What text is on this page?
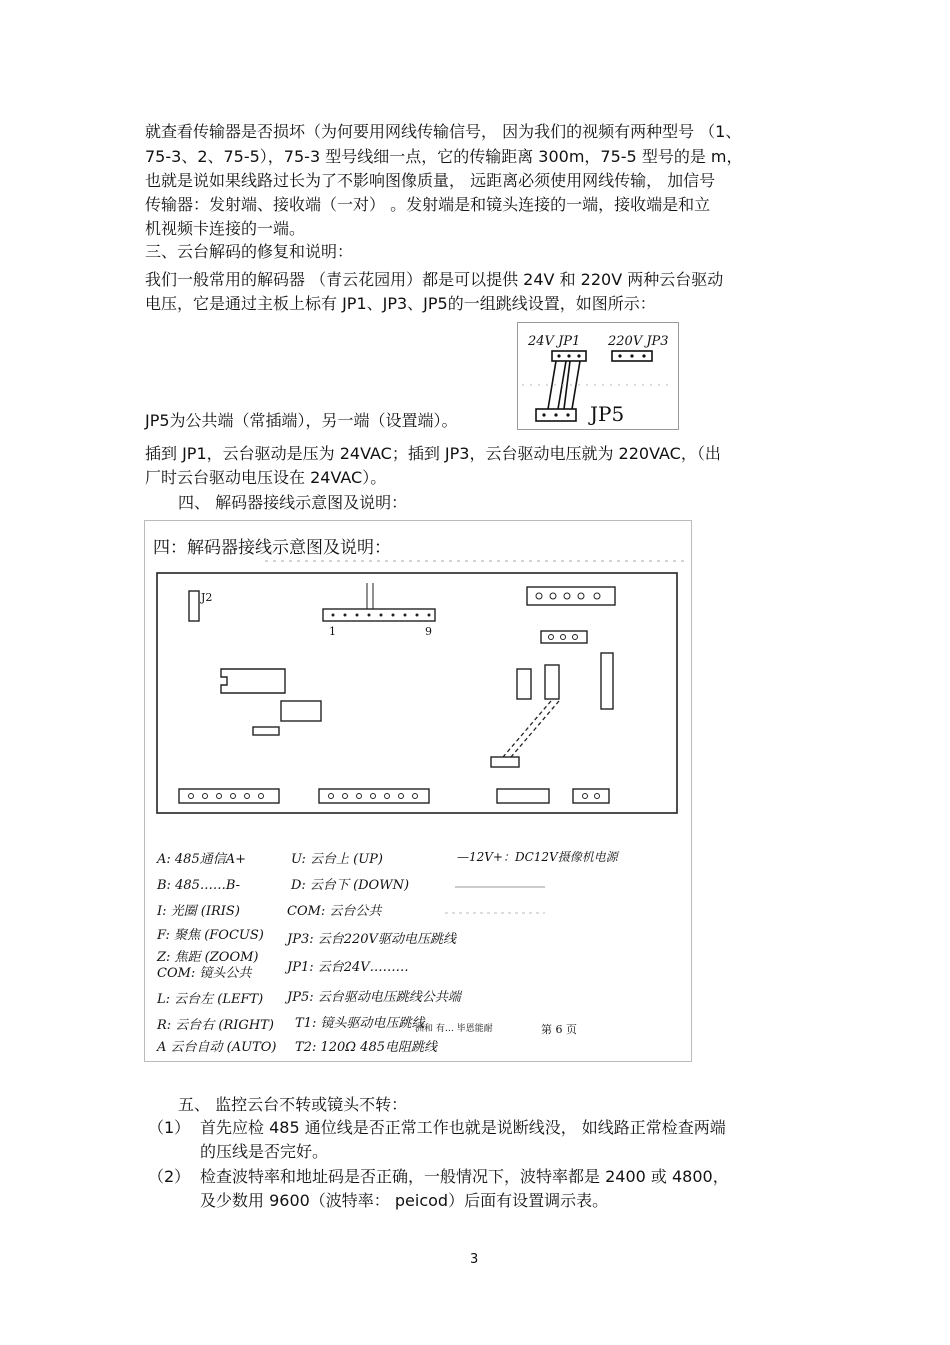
就查看传输器是否损坏（为何要用网线传输信号， 因为我们的视频有两种型号 （1、
75-3、2、75-5），75-3 型号线细一点，它的传输距离 300m，75-5 型号的是 m，
也就是说如果线路过长为了不影响图像质量， 远距离必须使用网线传输， 加信号
传输器：发射端、接收端（一对） 。发射端是和镜头连接的一端，接收端是和立
机视频卡连接的一端。
三、云台解码的修复和说明：
我们一般常用的解码器 （青云花园用）都是可以提供 24V 和 220V 两种云台驱动
电压，它是通过主板上标有 JP1、JP3、JP5的一组跳线设置，如图所示：
24V JP1 220V JP3
JP5
JP5为公共端（常插端），另一端（设置端）。
插到 JP1，云台驱动是压为 24VAC；插到 JP3，云台驱动电压就为 220VAC，（出
厂时云台驱动电压设在 24VAC）。
四、 解码器接线示意图及说明：
四：解码器接线示意图及说明：
J2
1	9
A: 485通信A+
B: 485……B-
I: 光圈 (IRIS)
F: 聚焦 (FOCUS)
Z: 焦距 (ZOOM)
COM: 镜头公共
L: 云台左 (LEFT)
R: 云台右 (RIGHT)
A 云台自动 (AUTO)
U: 云台上 (UP)
D: 云台下 (DOWN)
COM: 云台公共
JP3: 云台220V驱动电压跳线
JP1: 云台24V………
JP5: 云台驱动电压跳线公共端
T1: 镜头驱动电压跳线
T2: 120Ω 485电阻跳线
—12V+：DC12V摄像机电源
洲和 有… 毕恩能耐	第 6 页
五、 监控云台不转或镜头不转：
（1） 首先应检 485 通位线是否正常工作也就是说断线没， 如线路正常检查两端
的压线是否完好。
（2） 检查波特率和地址码是否正确，一般情况下，波特率都是 2400 或 4800，
及少数用 9600（波特率： peicod）后面有设置调示表。
3
